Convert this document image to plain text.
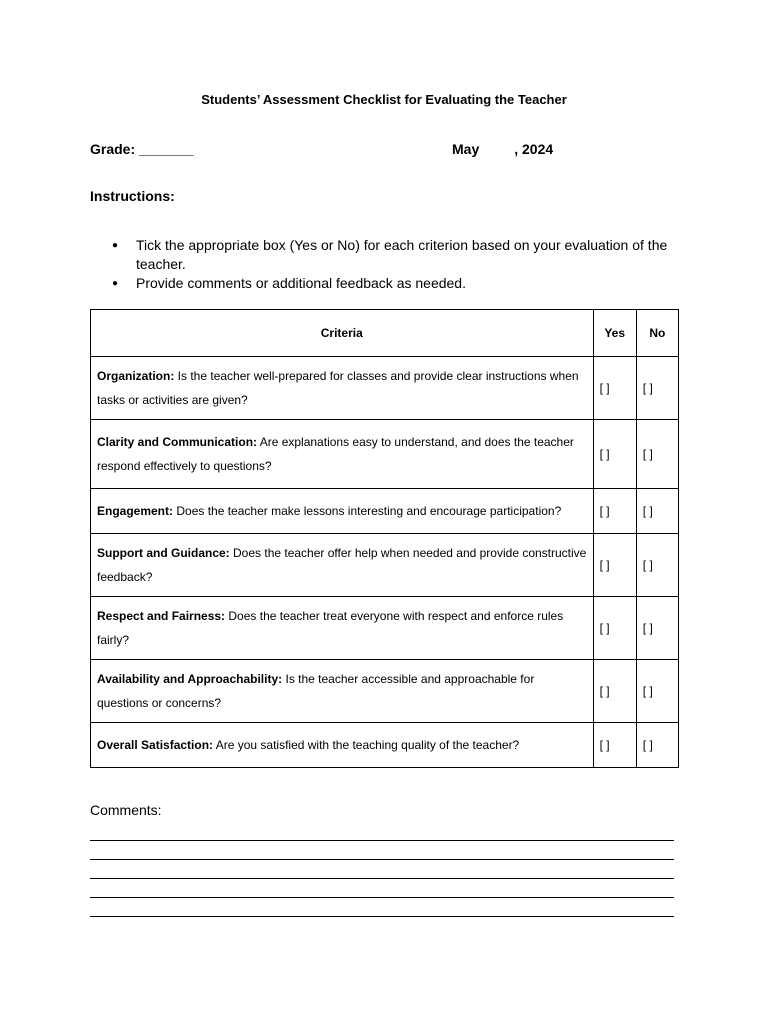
Students’ Assessment Checklist for Evaluating the Teacher
Grade: _______	May         , 2024
Instructions:
● Tick the appropriate box (Yes or No) for each criterion based on your evaluation of the teacher.
● Provide comments or additional feedback as needed.
Criteria	Yes	No
Organization: Is the teacher well-prepared for classes and provide clear instructions when tasks or activities are given?	[ ]	[ ]
Clarity and Communication: Are explanations easy to understand, and does the teacher respond effectively to questions?	[ ]	[ ]
Engagement: Does the teacher make lessons interesting and encourage participation?	[ ]	[ ]
Support and Guidance: Does the teacher offer help when needed and provide constructive feedback?	[ ]	[ ]
Respect and Fairness: Does the teacher treat everyone with respect and enforce rules fairly?	[ ]	[ ]
Availability and Approachability: Is the teacher accessible and approachable for questions or concerns?	[ ]	[ ]
Overall Satisfaction: Are you satisfied with the teaching quality of the teacher?	[ ]	[ ]
Comments:
